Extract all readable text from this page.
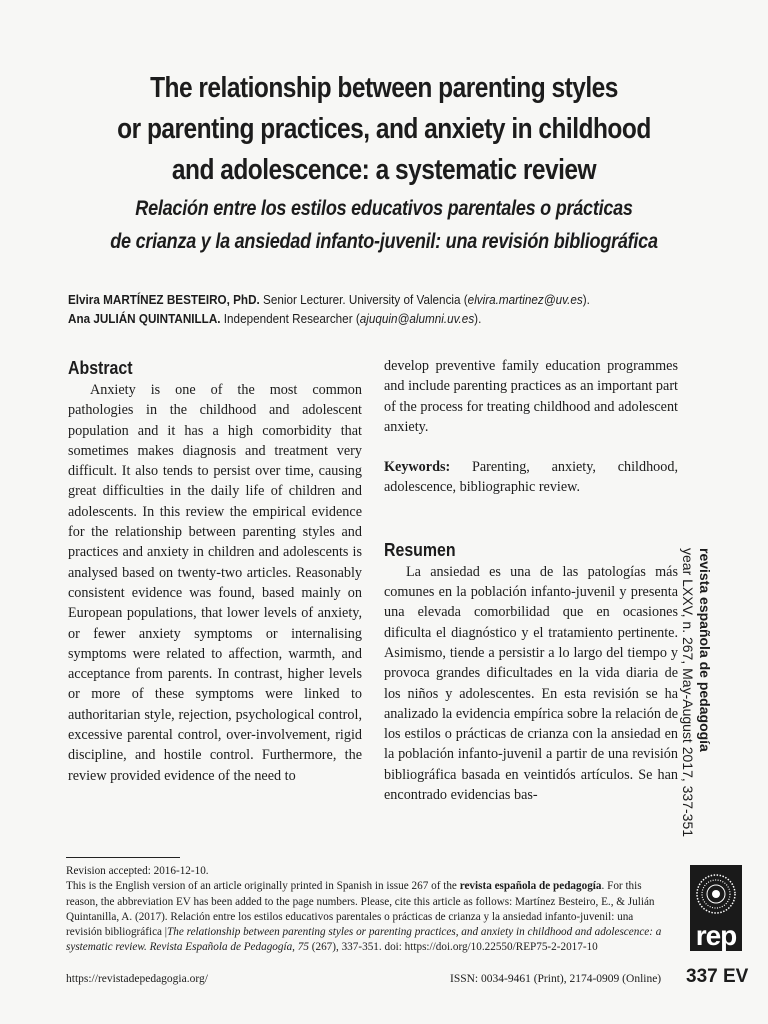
The relationship between parenting styles
or parenting practices, and anxiety in childhood
and adolescence: a systematic review
Relación entre los estilos educativos parentales o prácticas
de crianza y la ansiedad infanto-juvenil: una revisión bibliográfica
Elvira MARTÍNEZ BESTEIRO, PhD. Senior Lecturer. University of Valencia (elvira.martinez@uv.es).
Ana JULIÁN QUINTANILLA. Independent Researcher (ajuquin@alumni.uv.es).
Abstract

Anxiety is one of the most common pathologies in the childhood and adolescent population and it has a high comorbidity that sometimes makes diagnosis and treatment very difficult. It also tends to persist over time, causing great difficulties in the daily life of children and adolescents. In this review the empirical evidence for the relationship between parenting styles and practices and anxiety in children and adolescents is analysed based on twenty-two articles. Reasonably consistent evidence was found, based mainly on European populations, that lower levels of anxiety, or fewer anxiety symptoms or internalising symptoms were related to affection, warmth, and acceptance from parents. In contrast, higher levels or more of these symptoms were linked to authoritarian style, rejection, psychological control, excessive parental control, over-involvement, rigid discipline, and hostile control. Furthermore, the review provided evidence of the need to

develop preventive family education programmes and include parenting practices as an important part of the process for treating childhood and adolescent anxiety.

Keywords: Parenting, anxiety, childhood, adolescence, bibliographic review.

Resumen

La ansiedad es una de las patologías más comunes en la población infanto-juvenil y presenta una elevada comorbilidad que en ocasiones dificulta el diagnóstico y el tratamiento pertinente. Asimismo, tiende a persistir a lo largo del tiempo y provoca grandes dificultades en la vida diaria de los niños y adolescentes. En esta revisión se ha analizado la evidencia empírica sobre la relación de los estilos o prácticas de crianza con la ansiedad en la población infanto-juvenil a partir de una revisión bibliográfica basada en veintidós artículos. Se han encontrado evidencias bas-

Revision accepted: 2016-12-10.

This is the English version of an article originally printed in Spanish in issue 267 of the revista española de pedagogía. For this reason, the abbreviation EV has been added to the page numbers. Please, cite this article as follows: Martínez Besteiro, E., & Julián Quintanilla, A. (2017). Relación entre los estilos educativos parentales o prácticas de crianza y la ansiedad infanto-juvenil: una revisión bibliográfica |The relationship between parenting styles or parenting practices, and anxiety in childhood and adolescence: a systematic review. Revista Española de Pedagogía, 75 (267), 337-351. doi: https://doi.org/10.22550/REP75-2-2017-10

https://revistadepedagogia.org/	ISSN: 0034-9461 (Print), 2174-0909 (Online) 337 EV
revista española de pedagogía
year LXXV, n. 267, May-August 2017, 337-351
rep
